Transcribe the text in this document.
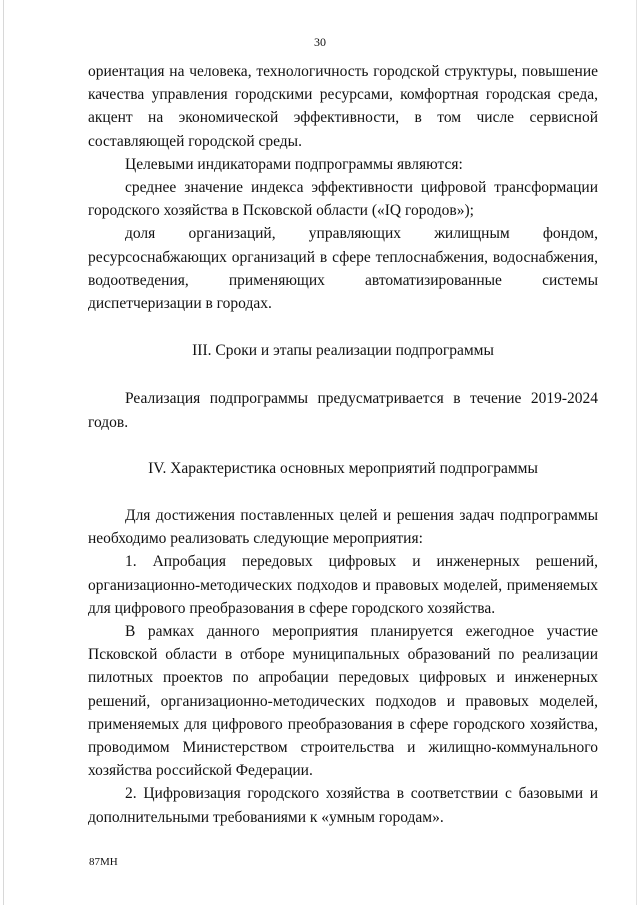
30

ориентация на человека, технологичность городской структуры, повышение качества управления городскими ресурсами, комфортная городская среда, акцент на экономической эффективности, в том числе сервисной составляющей городской среды.

Целевыми индикаторами подпрограммы являются:

среднее значение индекса эффективности цифровой трансформации городского хозяйства в Псковской области («IQ городов»);

доля организаций, управляющих жилищным фондом, ресурсоснабжающих организаций в сфере теплоснабжения, водоснабжения, водоотведения, применяющих автоматизированные системы диспетчеризации в городах.

III. Сроки и этапы реализации подпрограммы

Реализация подпрограммы предусматривается в течение 2019-2024 годов.

IV. Характеристика основных мероприятий подпрограммы

Для достижения поставленных целей и решения задач подпрограммы необходимо реализовать следующие мероприятия:

1. Апробация передовых цифровых и инженерных решений, организационно-методических подходов и правовых моделей, применяемых для цифрового преобразования в сфере городского хозяйства.

В рамках данного мероприятия планируется ежегодное участие Псковской области в отборе муниципальных образований по реализации пилотных проектов по апробации передовых цифровых и инженерных решений, организационно-методических подходов и правовых моделей, применяемых для цифрового преобразования в сфере городского хозяйства, проводимом Министерством строительства и жилищно-коммунального хозяйства российской Федерации.

2. Цифровизация городского хозяйства в соответствии с базовыми и дополнительными требованиями к «умным городам».

87МН
